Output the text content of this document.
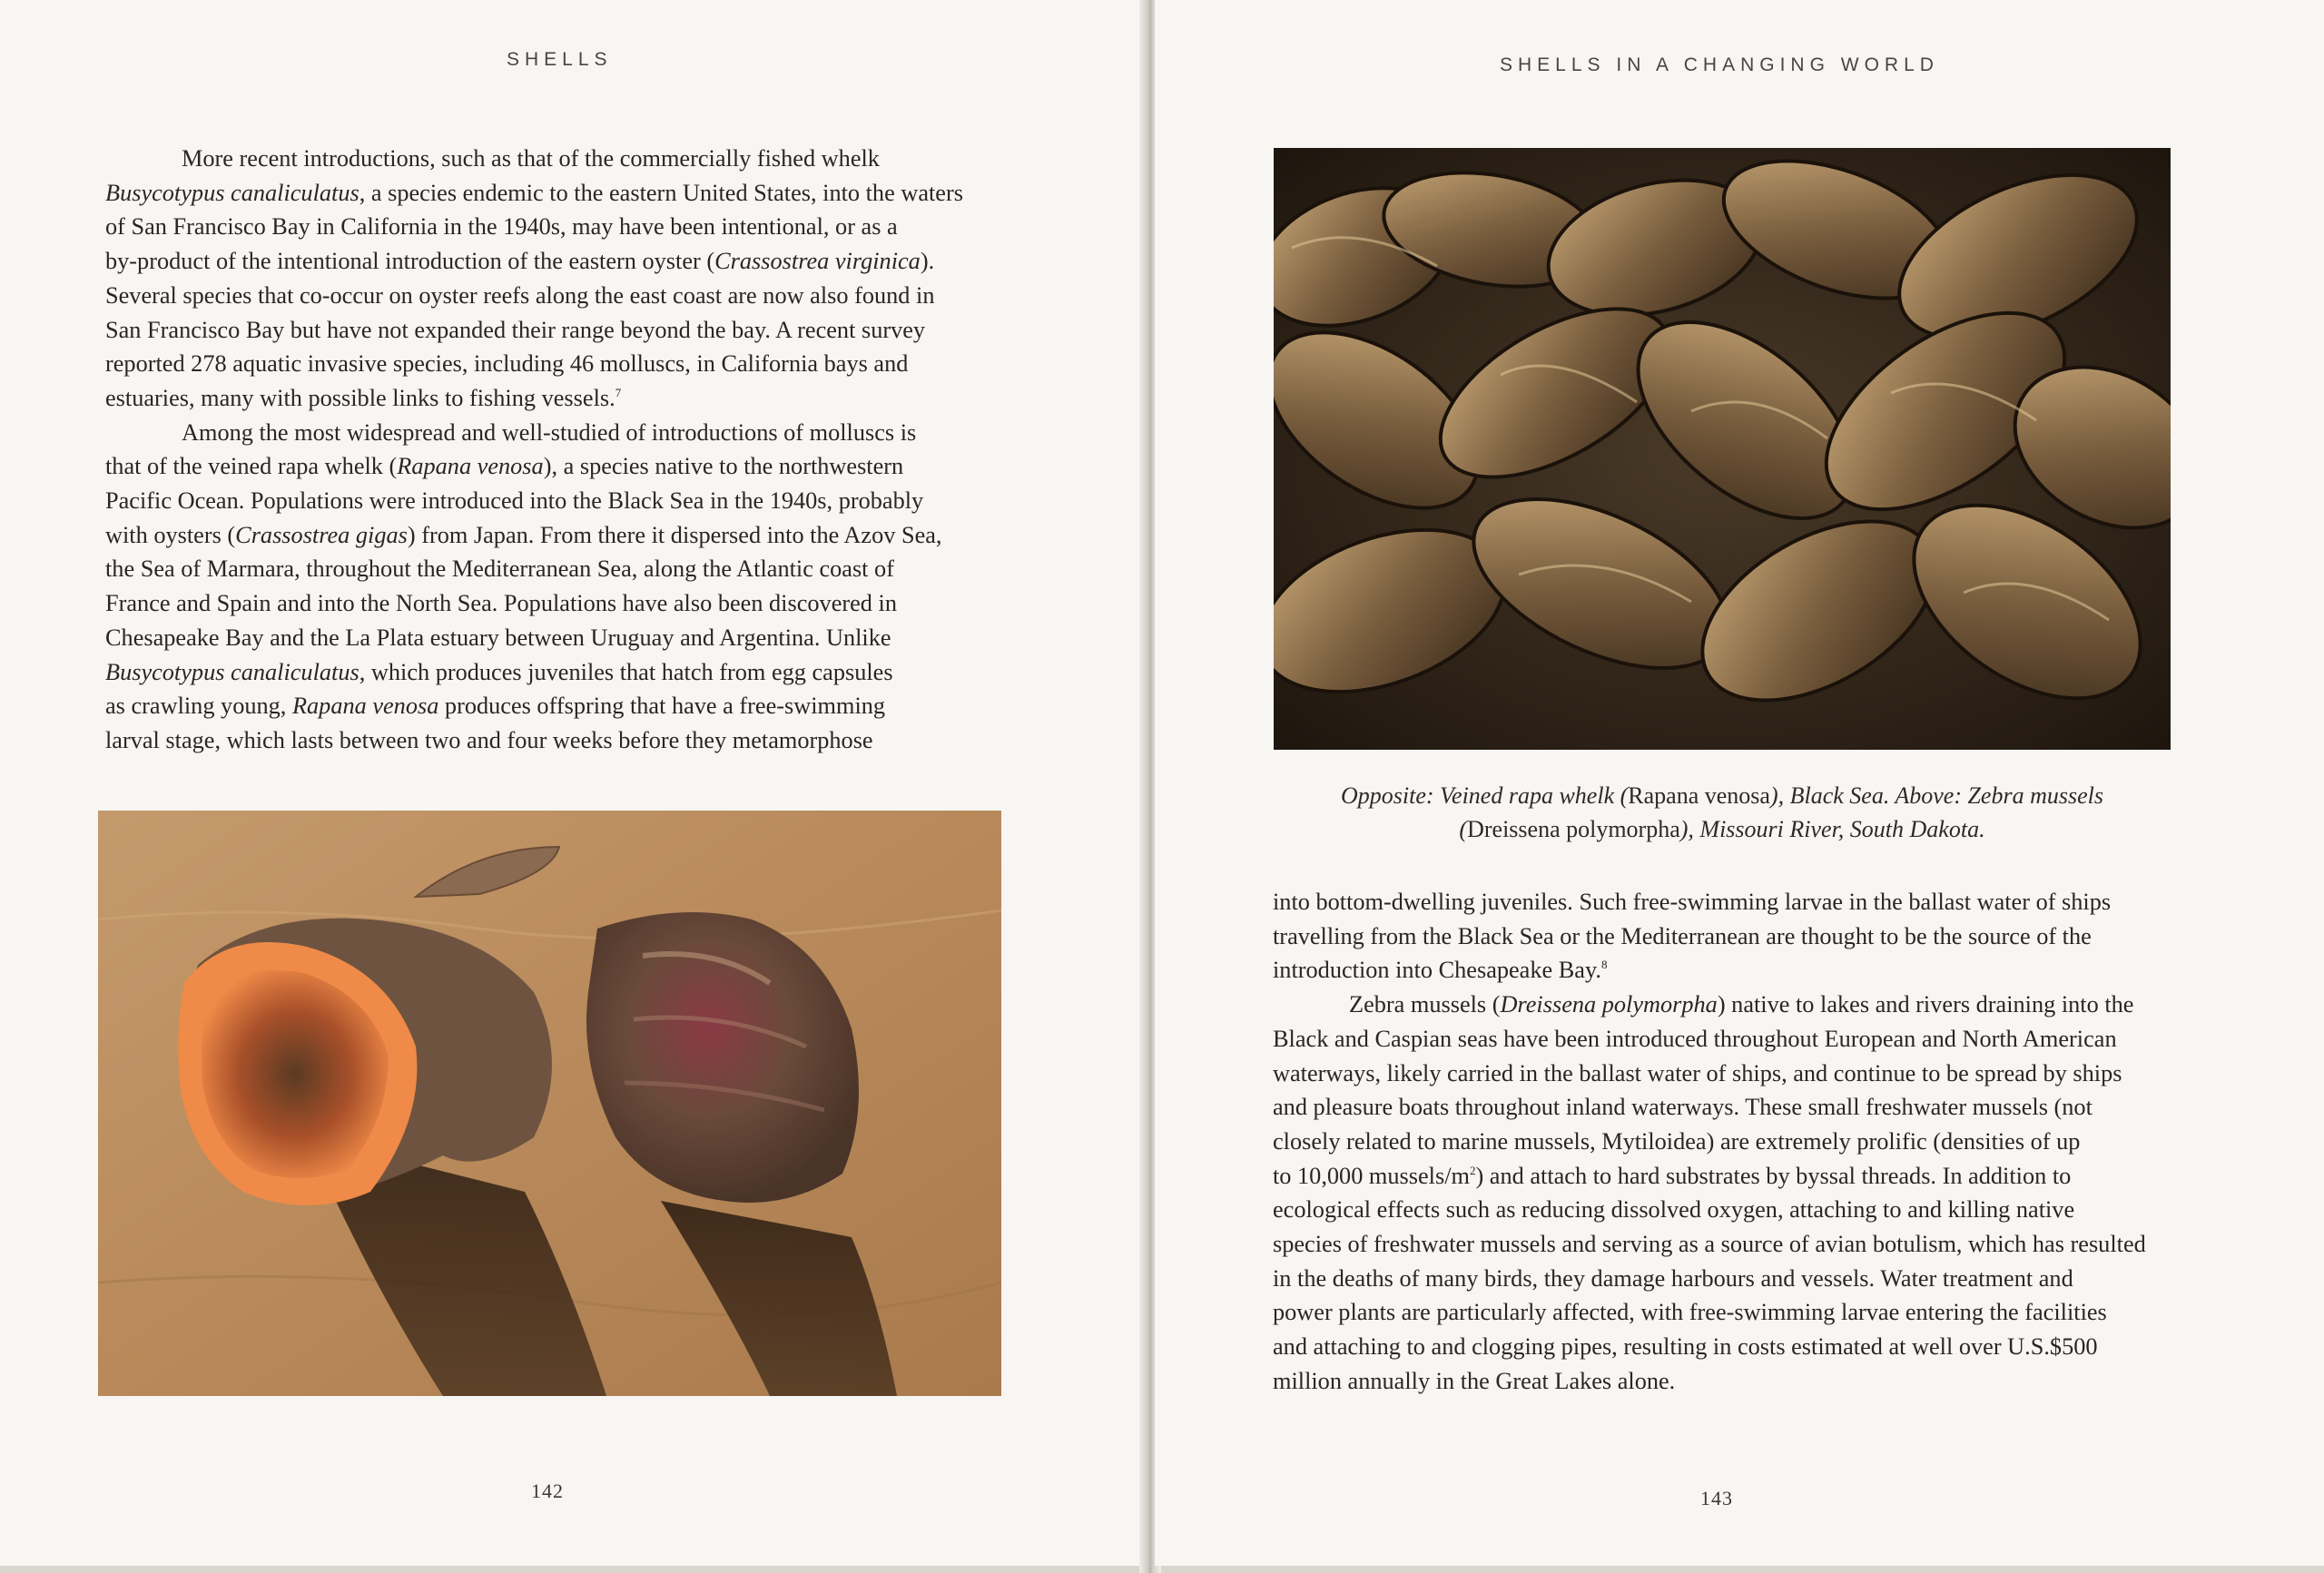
SHELLS

More recent introductions, such as that of the commercially fished whelk
Busycotypus canaliculatus, a species endemic to the eastern United States, into the waters
of San Francisco Bay in California in the 1940s, may have been intentional, or as a
by-product of the intentional introduction of the eastern oyster (Crassostrea virginica).
Several species that co-occur on oyster reefs along the east coast are now also found in
San Francisco Bay but have not expanded their range beyond the bay. A recent survey
reported 278 aquatic invasive species, including 46 molluscs, in California bays and
estuaries, many with possible links to fishing vessels.$^7$

Among the most widespread and well-studied of introductions of molluscs is
that of the veined rapa whelk (Rapana venosa), a species native to the northwestern
Pacific Ocean. Populations were introduced into the Black Sea in the 1940s, probably
with oysters (Crassostrea gigas) from Japan. From there it dispersed into the Azov Sea,
the Sea of Marmara, throughout the Mediterranean Sea, along the Atlantic coast of
France and Spain and into the North Sea. Populations have also been discovered in
Chesapeake Bay and the La Plata estuary between Uruguay and Argentina. Unlike
Busycotypus canaliculatus, which produces juveniles that hatch from egg capsules
as crawling young, Rapana venosa produces offspring that have a free-swimming
larval stage, which lasts between two and four weeks before they metamorphose

142
SHELLS IN A CHANGING WORLD
Opposite: Veined rapa whelk (Rapana venosa), Black Sea. Above: Zebra mussels
(Dreissena polymorpha), Missouri River, South Dakota.

into bottom-dwelling juveniles. Such free-swimming larvae in the ballast water of ships
travelling from the Black Sea or the Mediterranean are thought to be the source of the
introduction into Chesapeake Bay.$^8$

Zebra mussels (Dreissena polymorpha) native to lakes and rivers draining into the
Black and Caspian seas have been introduced throughout European and North American
waterways, likely carried in the ballast water of ships, and continue to be spread by ships
and pleasure boats throughout inland waterways. These small freshwater mussels (not
closely related to marine mussels, Mytiloidea) are extremely prolific (densities of up
to 10,000 mussels/$m^2$) and attach to hard substrates by byssal threads. In addition to
ecological effects such as reducing dissolved oxygen, attaching to and killing native
species of freshwater mussels and serving as a source of avian botulism, which has resulted
in the deaths of many birds, they damage harbours and vessels. Water treatment and
power plants are particularly affected, with free-swimming larvae entering the facilities
and attaching to and clogging pipes, resulting in costs estimated at well over U.S.$500
million annually in the Great Lakes alone.

143
